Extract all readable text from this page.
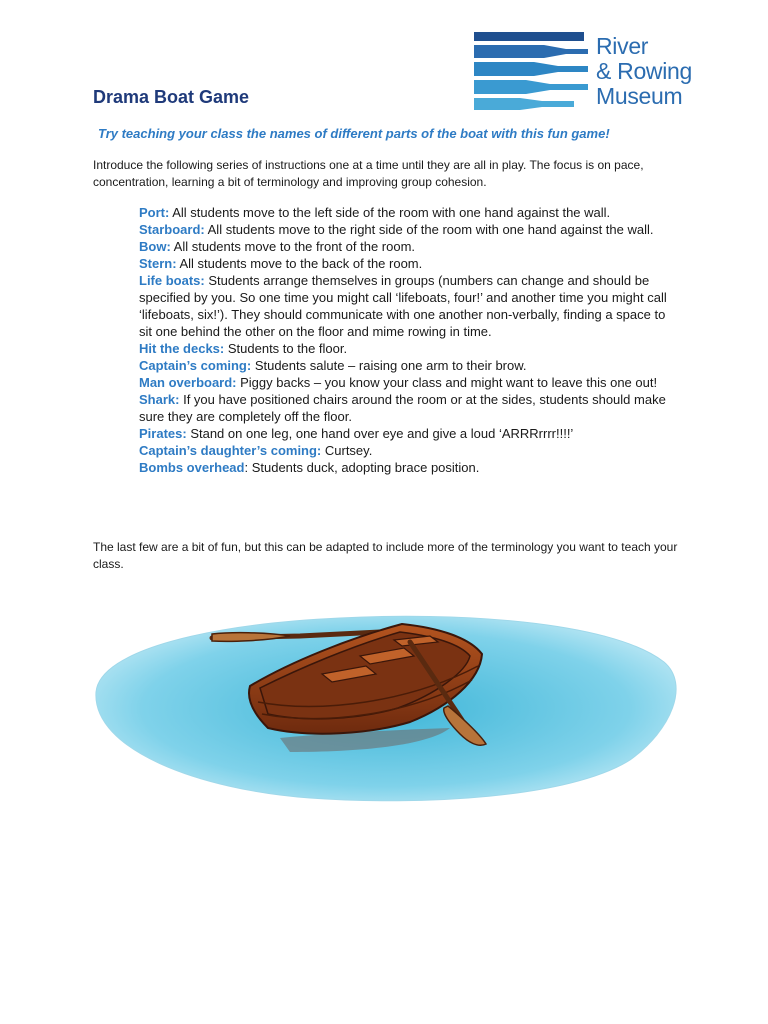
River
& Rowing
Museum
Drama Boat Game
Try teaching your class the names of different parts of the boat with this fun game!

Introduce the following series of instructions one at a time until they are all in play. The focus is on pace, concentration, learning a bit of terminology and improving group cohesion.

Port: All students move to the left side of the room with one hand against the wall.
Starboard: All students move to the right side of the room with one hand against the wall.
Bow: All students move to the front of the room.
Stern: All students move to the back of the room.
Life boats: Students arrange themselves in groups (numbers can change and should be specified by you. So one time you might call ‘lifeboats, four!’ and another time you might call ‘lifeboats, six!’). They should communicate with one another non-verbally, finding a space to sit one behind the other on the floor and mime rowing in time.
Hit the decks: Students to the floor.
Captain’s coming: Students salute – raising one arm to their brow.
Man overboard: Piggy backs – you know your class and might want to leave this one out!
Shark: If you have positioned chairs around the room or at the sides, students should make sure they are completely off the floor.
Pirates: Stand on one leg, one hand over eye and give a loud ‘ARRRrrrr!!!!’
Captain’s daughter’s coming: Curtsey.
Bombs overhead: Students duck, adopting brace position.

The last few are a bit of fun, but this can be adapted to include more of the terminology you want to teach your class.
